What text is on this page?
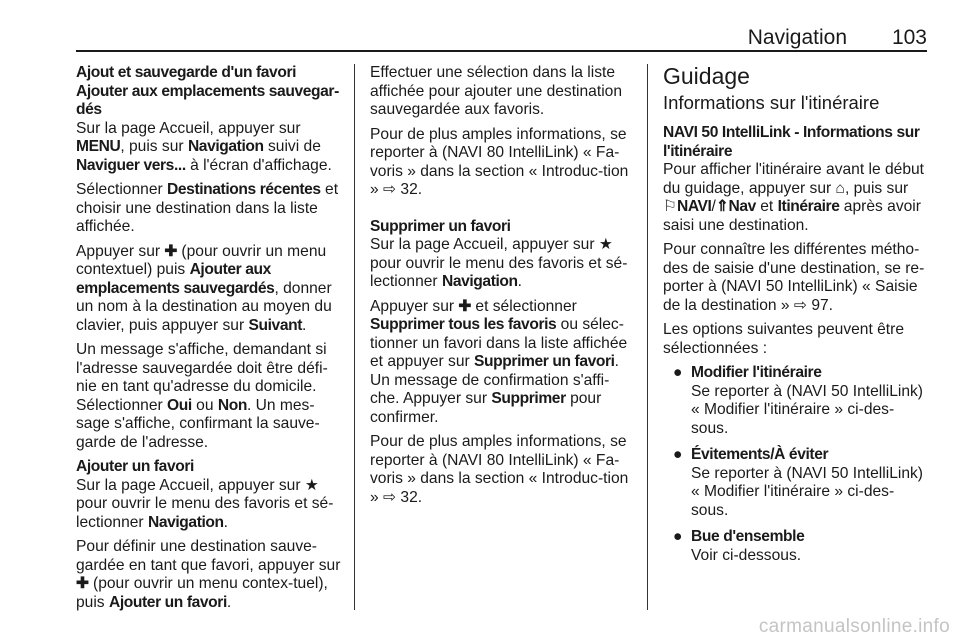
Navigation 103
Ajout et sauvegarde d'un favori
Ajouter aux emplacements sauvegar-dés

Sur la page Accueil, appuyer sur MENU, puis sur Navigation suivi de Naviguer vers... à l'écran d'affichage.

Sélectionner Destinations récentes et choisir une destination dans la liste affichée.

Appuyer sur ✚ (pour ouvrir un menu contextuel) puis Ajouter aux emplacements sauvegardés, donner un nom à la destination au moyen du clavier, puis appuyer sur Suivant.

Un message s'affiche, demandant si l'adresse sauvegardée doit être défi-nie en tant qu'adresse du domicile. Sélectionner Oui ou Non. Un mes-sage s'affiche, confirmant la sauve-garde de l'adresse.

Ajouter un favori

Sur la page Accueil, appuyer sur ★ pour ouvrir le menu des favoris et sé-lectionner Navigation.

Pour définir une destination sauve-gardée en tant que favori, appuyer sur ✚ (pour ouvrir un menu contex-tuel), puis Ajouter un favori.

Effectuer une sélection dans la liste affichée pour ajouter une destination sauvegardée aux favoris.

Pour de plus amples informations, se reporter à (NAVI 80 IntelliLink) « Fa-voris » dans la section « Introduc-tion » ⇨ 32.

Supprimer un favori

Sur la page Accueil, appuyer sur ★ pour ouvrir le menu des favoris et sé-lectionner Navigation.

Appuyer sur ✚ et sélectionner Supprimer tous les favoris ou sélec-tionner un favori dans la liste affichée et appuyer sur Supprimer un favori. Un message de confirmation s'affi-che. Appuyer sur Supprimer pour confirmer.

Pour de plus amples informations, se reporter à (NAVI 80 IntelliLink) « Fa-voris » dans la section « Introduc-tion » ⇨ 32.

Guidage
Informations sur l'itinéraire
NAVI 50 IntelliLink - Informations sur l'itinéraire

Pour afficher l'itinéraire avant le début du guidage, appuyer sur ⌂, puis sur ⚐NAVI/⇑Nav et Itinéraire après avoir saisi une destination.

Pour connaître les différentes métho-des de saisie d'une destination, se re-porter à (NAVI 50 IntelliLink) « Saisie de la destination » ⇨ 97.

Les options suivantes peuvent être sélectionnées :

● Modifier l'itinéraire
Se reporter à (NAVI 50 IntelliLink) « Modifier l'itinéraire » ci-des-sous.
● Évitements/À éviter
Se reporter à (NAVI 50 IntelliLink) « Modifier l'itinéraire » ci-des-sous.
● Bue d'ensemble
Voir ci-dessous.
carmanualsonline.info
